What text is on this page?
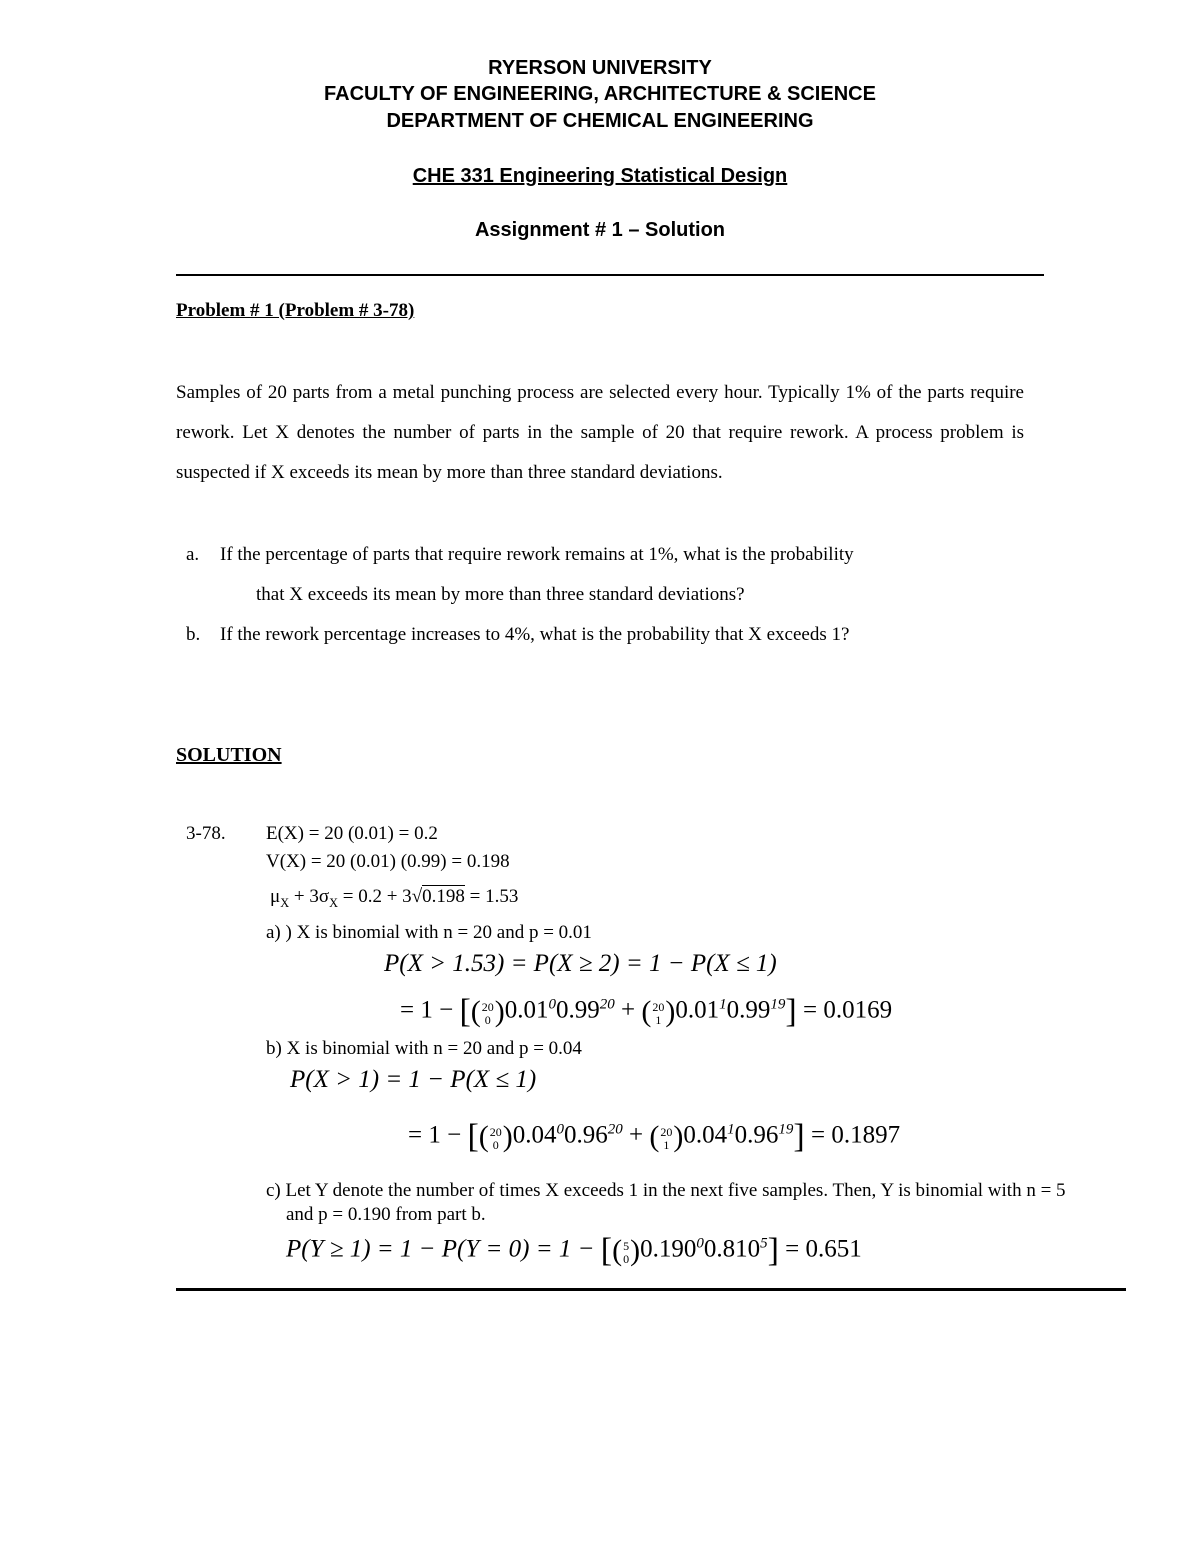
RYERSON UNIVERSITY
FACULTY OF ENGINEERING, ARCHITECTURE & SCIENCE
DEPARTMENT OF CHEMICAL ENGINEERING
CHE 331 Engineering Statistical Design
Assignment # 1 – Solution
Problem # 1 (Problem # 3-78)
Samples of 20 parts from a metal punching process are selected every hour. Typically 1% of the parts require rework. Let X denotes the number of parts in the sample of 20 that require rework. A process problem is suspected if X exceeds its mean by more than three standard deviations.
a. If the percentage of parts that require rework remains at 1%, what is the probability
that X exceeds its mean by more than three standard deviations?
b. If the rework percentage increases to 4%, what is the probability that X exceeds 1?
SOLUTION
3-78. E(X) = 20 (0.01) = 0.2
V(X) = 20 (0.01) (0.99) = 0.198
$\mu_X + 3\sigma_X = 0.2 + 3√0.198 = 1.53$
a) ) X is binomial with n = 20 and p = 0.01
P(X > 1.53) = P(X ≥ 2) = 1 − P(X ≤ 1)
= 1 − [(20
0 )$0.01^00.99^{20} + (20$
1 )$0.01^10.99^{19}] = 0.0169$
b) X is binomial with n = 20 and p = 0.04
P(X > 1) = 1 − P(X ≤ 1)
= 1 − [(20
0 )$0.04^00.96^{20} + (20$
1 )$0.04^10.96^{19}] = 0.1897$
c) Let Y denote the number of times X exceeds 1 in the next five samples. Then, Y is binomial with n = 5
and p = 0.190 from part b.
P(Y ≥ 1) = 1 − P(Y = 0) = 1 − [(5
$0)0.190^00.810^5] = 0.651$
